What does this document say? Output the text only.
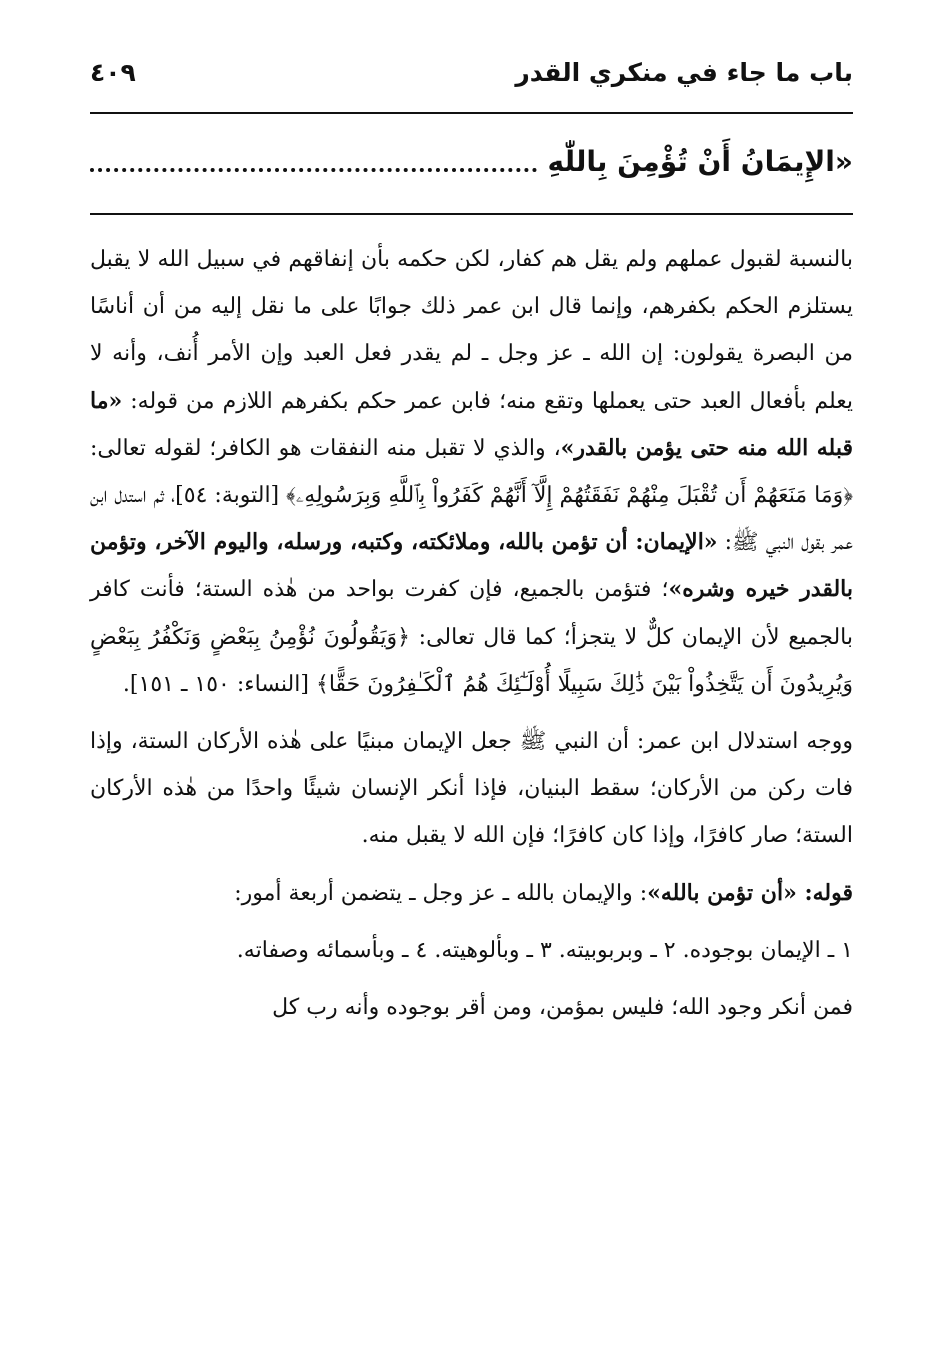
باب ما جاء في منكري القدر
٤٠٩
«الإِيمَانُ أَنْ تُؤْمِنَ بِاللّٰهِ

بالنسبة لقبول عملهم ولم يقل هم كفار، لكن حكمه بأن إنفاقهم في سبيل الله لا يقبل يستلزم الحكم بكفرهم، وإنما قال ابن عمر ذلك جوابًا على ما نقل إليه من أن أناسًا من البصرة يقولون: إن الله ـ عز وجل ـ لم يقدر فعل العبد وإن الأمر أُنف، وأنه لا يعلم بأفعال العبد حتى يعملها وتقع منه؛ فابن عمر حكم بكفرهم اللازم من قوله: «ما قبله الله منه حتى يؤمن بالقدر»، والذي لا تقبل منه النفقات هو الكافر؛ لقوله تعالى: ﴿وَمَا مَنَعَهُمْ أَن تُقْبَلَ مِنْهُمْ نَفَقَتُهُمْ إِلَّآ أَنَّهُمْ كَفَرُواْ بِٱللَّهِ وَبِرَسُولِهِۦ﴾ [التوبة: ٥٤]، ثم استدل ابن عمر بقول النبي ﷺ: «الإيمان: أن تؤمن بالله، وملائكته، وكتبه، ورسله، واليوم الآخر، وتؤمن بالقدر خيره وشره»؛ فتؤمن بالجميع، فإن كفرت بواحد من هٰذه الستة؛ فأنت كافر بالجميع لأن الإيمان كلٌّ لا يتجزأ؛ كما قال تعالى: ﴿وَيَقُولُونَ نُؤْمِنُ بِبَعْضٍ وَنَكْفُرُ بِبَعْضٍ وَيُرِيدُونَ أَن يَتَّخِذُواْ بَيْنَ ذَٰلِكَ سَبِيلًا أُوْلَـٰٓئِكَ هُمُ ٱلْكَـٰفِرُونَ حَقًّا﴾ [النساء: ١٥٠ ـ ١٥١].

ووجه استدلال ابن عمر: أن النبي ﷺ جعل الإيمان مبنيًا على هٰذه الأركان الستة، وإذا فات ركن من الأركان؛ سقط البنيان، فإذا أنكر الإنسان شيئًا واحدًا من هٰذه الأركان الستة؛ صار كافرًا، وإذا كان كافرًا؛ فإن الله لا يقبل منه.

قوله: «أن تؤمن بالله»: والإيمان بالله ـ عز وجل ـ يتضمن أربعة أمور:

١ ـ الإيمان بوجوده. ٢ ـ وبربوبيته. ٣ ـ وبألوهيته. ٤ ـ وبأسمائه وصفاته.

فمن أنكر وجود الله؛ فليس بمؤمن، ومن أقر بوجوده وأنه رب كل
